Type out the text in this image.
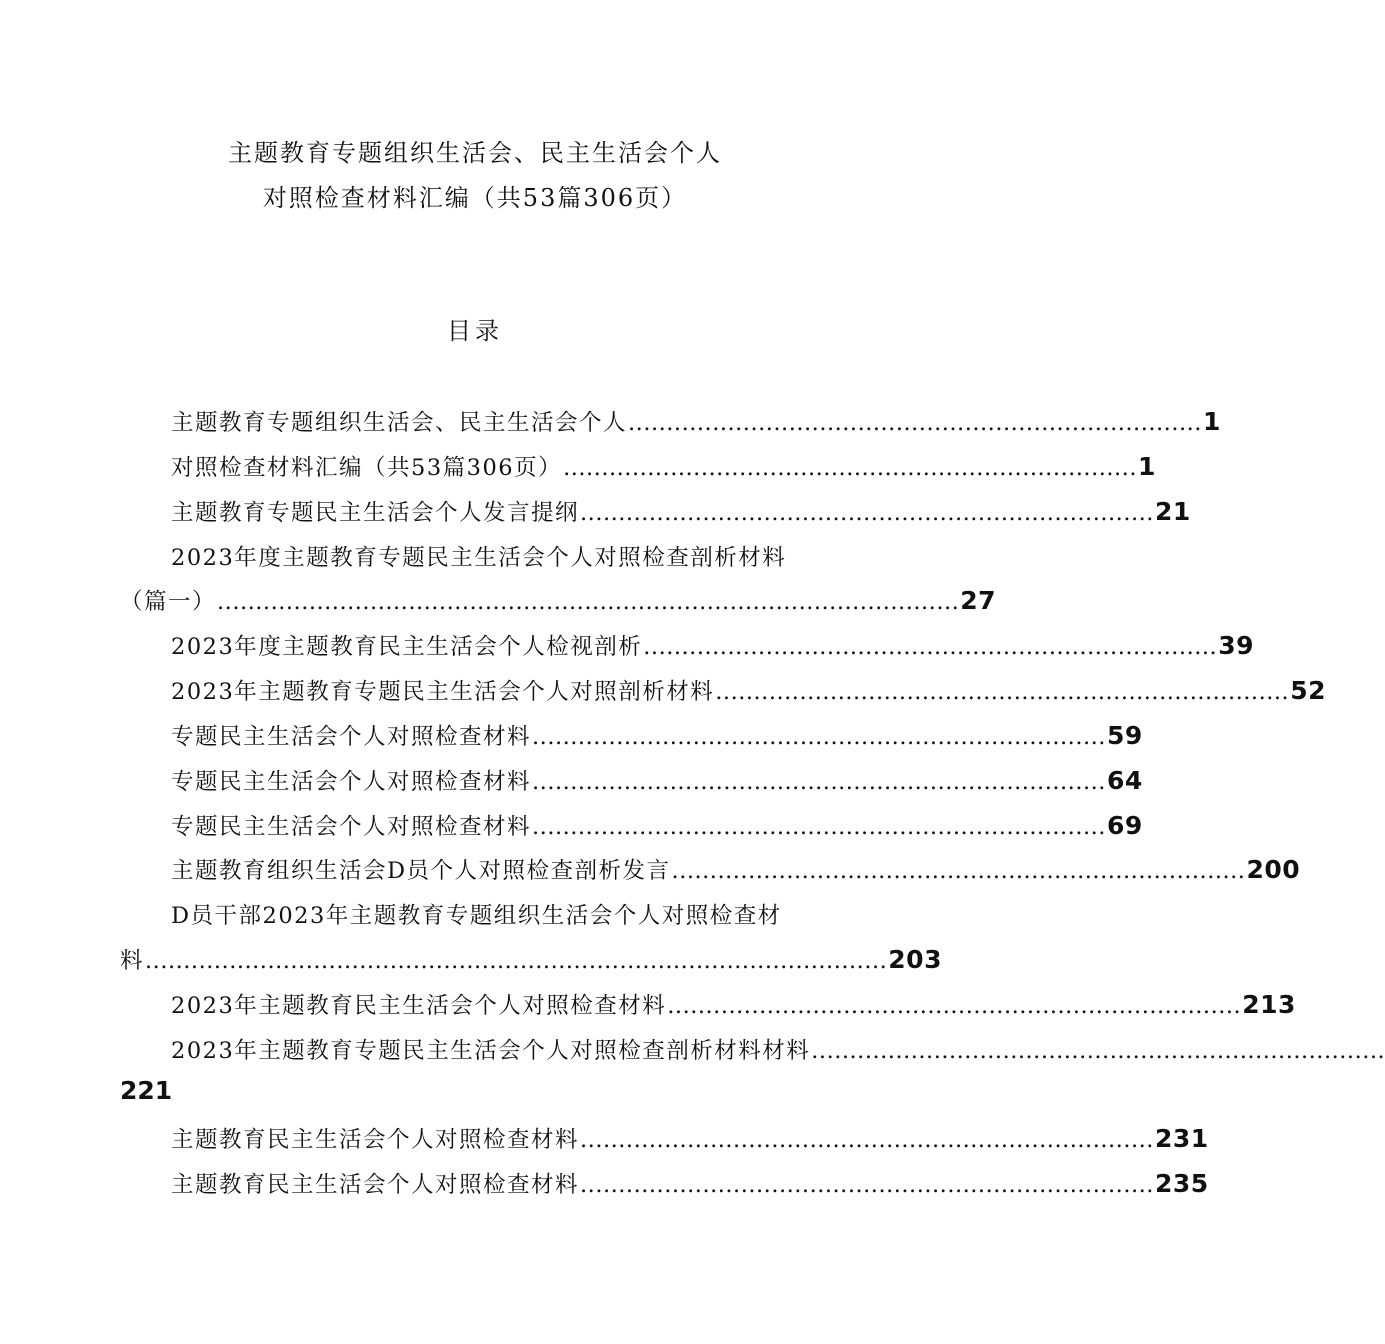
主题教育专题组织生活会、民主生活会个人
对照检查材料汇编（共53篇306页）
目录
主题教育专题组织生活会、民主生活会个人 ........................................................................... 1
对照检查材料汇编（共53篇306页） ........................................................................... 1
主题教育专题民主生活会个人发言提纲 ........................................................................... 21
2023年度主题教育专题民主生活会个人对照检查剖析材料
（篇一） ................................................................................................. 27
2023年度主题教育民主生活会个人检视剖析 ........................................................................... 39
2023年主题教育专题民主生活会个人对照剖析材料 ........................................................................... 52
专题民主生活会个人对照检查材料 ........................................................................... 59
专题民主生活会个人对照检查材料 ........................................................................... 64
专题民主生活会个人对照检查材料 ........................................................................... 69
主题教育组织生活会D员个人对照检查剖析发言 ........................................................................... 200
D员干部2023年主题教育专题组织生活会个人对照检查材
料 ................................................................................................. 203
2023年主题教育民主生活会个人对照检查材料 ........................................................................... 213
2023年主题教育专题民主生活会个人对照检查剖析材料材料 ...........................................................................
221
主题教育民主生活会个人对照检查材料 ........................................................................... 231
主题教育民主生活会个人对照检查材料 ........................................................................... 235
